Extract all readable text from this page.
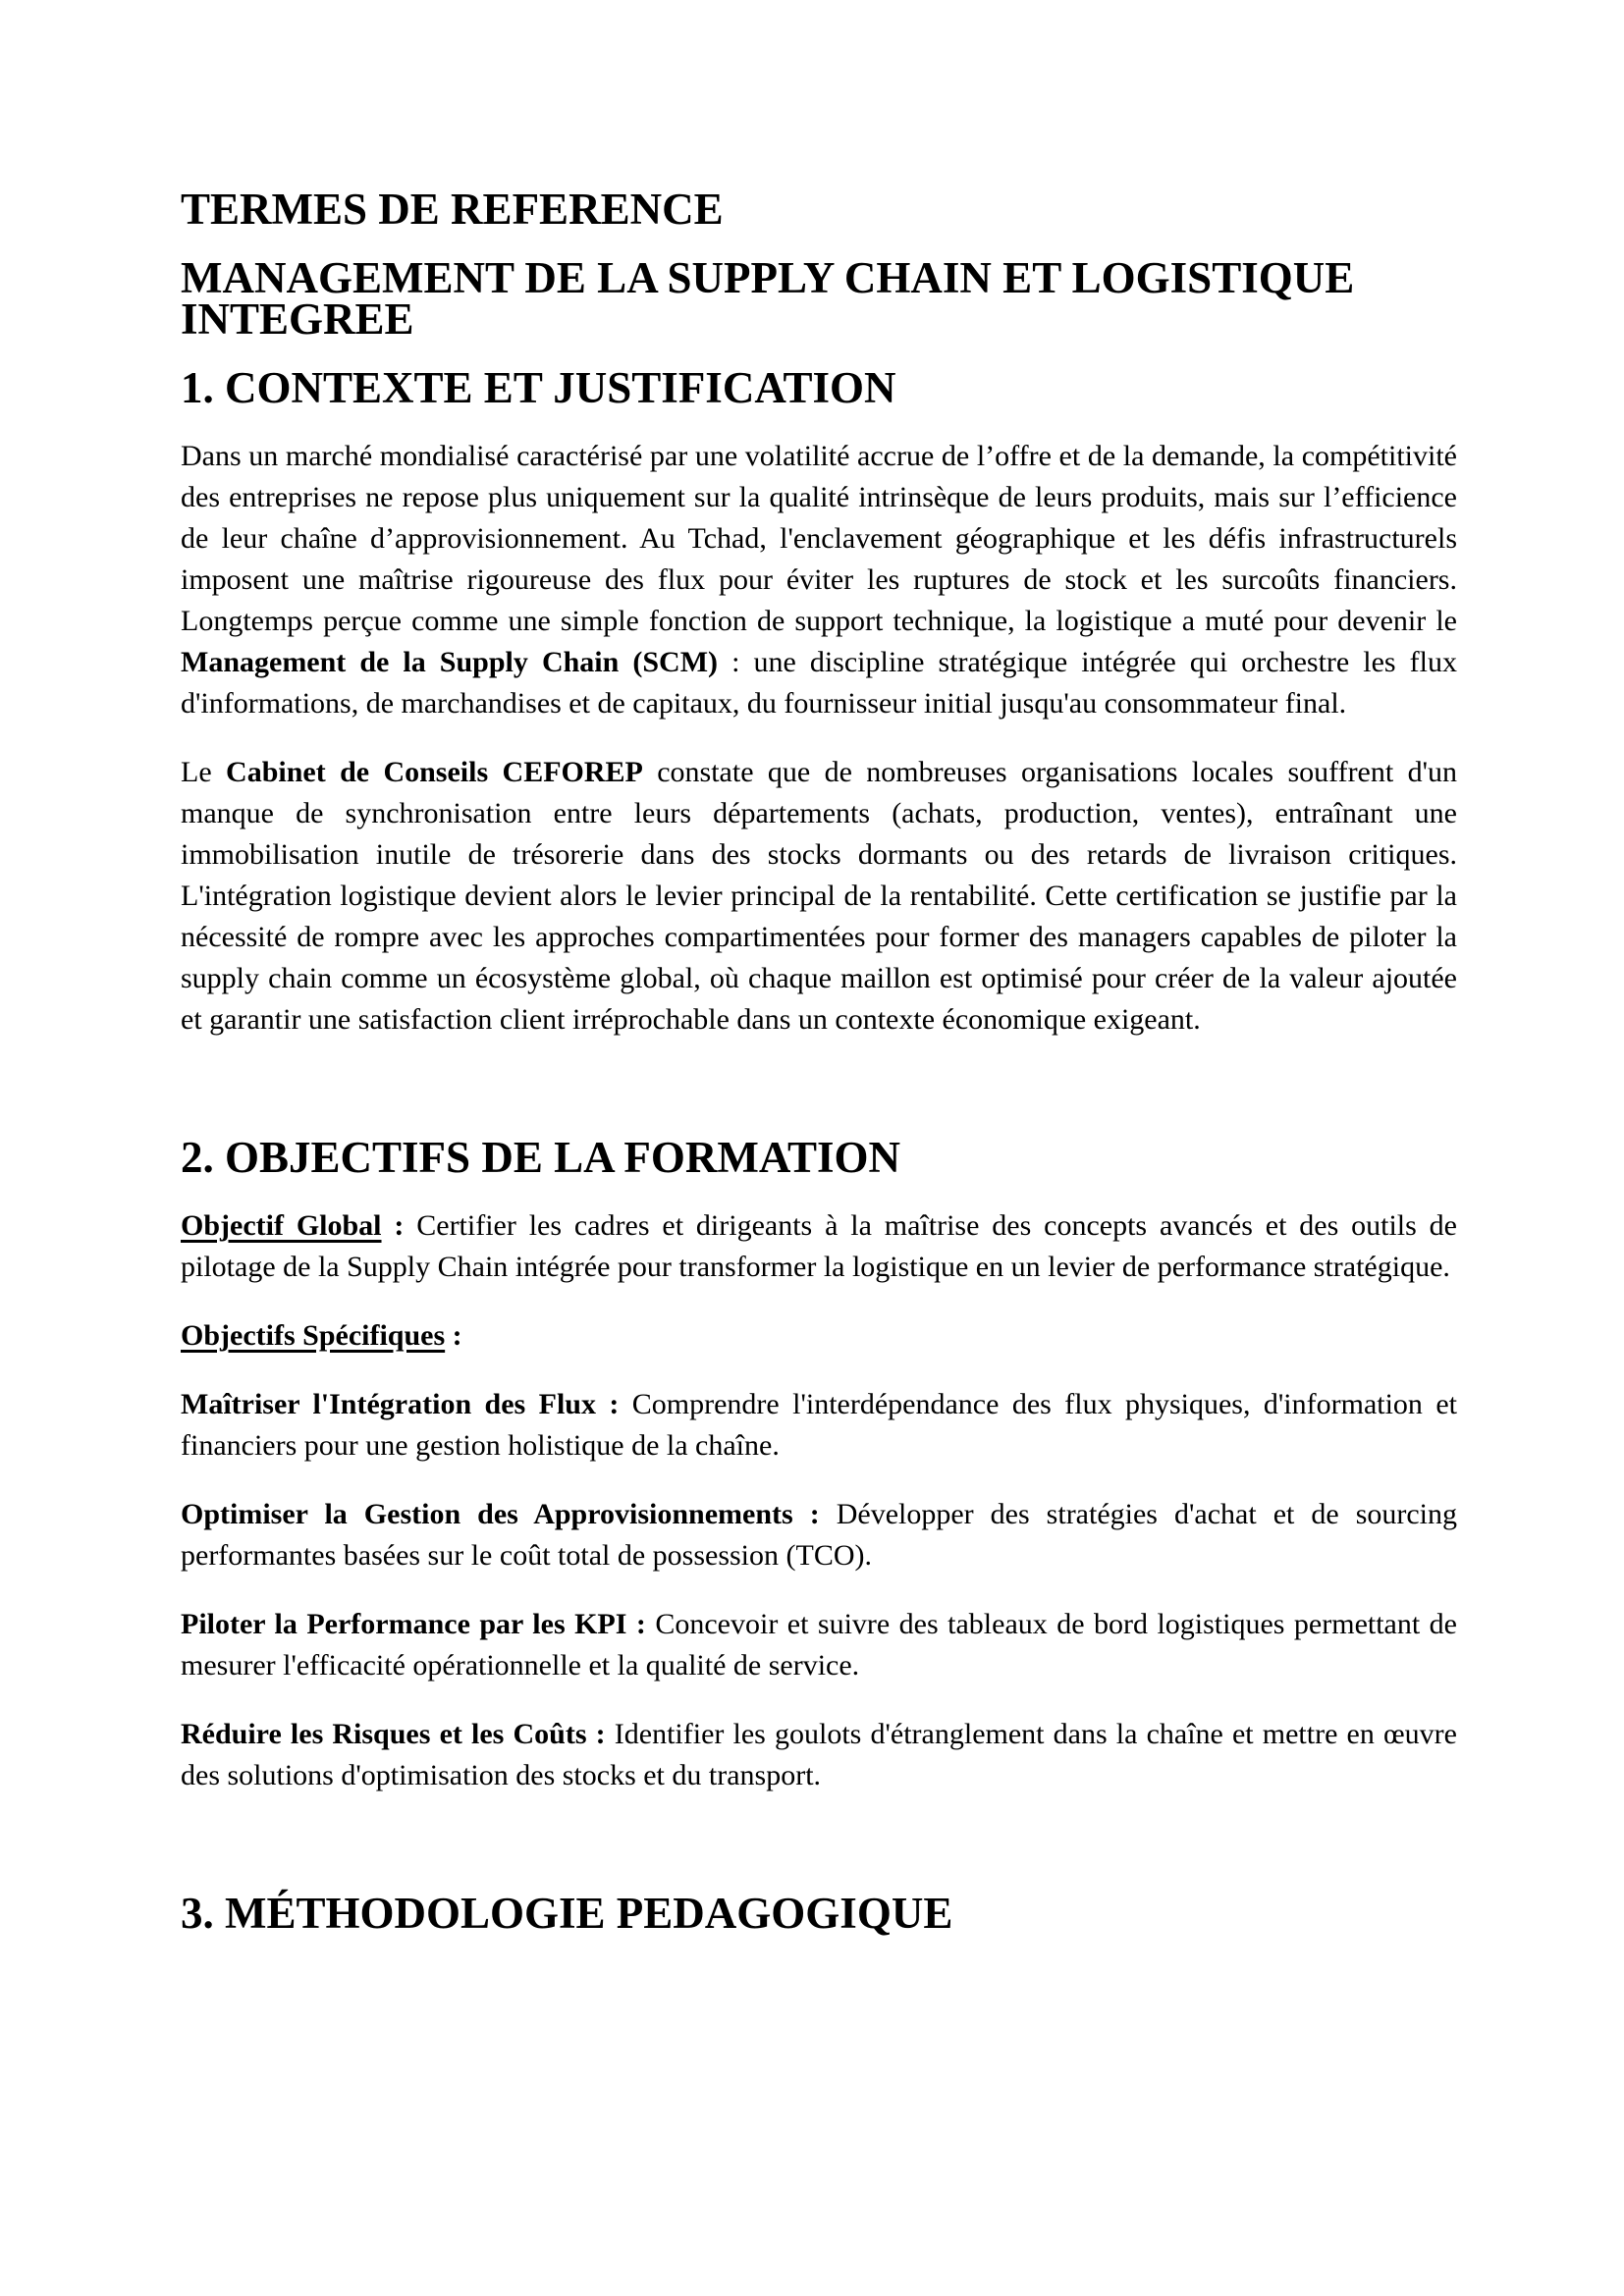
TERMES DE REFERENCE
MANAGEMENT DE LA SUPPLY CHAIN ET LOGISTIQUE INTEGREE
1. CONTEXTE ET JUSTIFICATION

Dans un marché mondialisé caractérisé par une volatilité accrue de l’offre et de la demande, la compétitivité des entreprises ne repose plus uniquement sur la qualité intrinsèque de leurs produits, mais sur l’efficience de leur chaîne d’approvisionnement. Au Tchad, l'enclavement géographique et les défis infrastructurels imposent une maîtrise rigoureuse des flux pour éviter les ruptures de stock et les surcoûts financiers. Longtemps perçue comme une simple fonction de support technique, la logistique a muté pour devenir le Management de la Supply Chain (SCM) : une discipline stratégique intégrée qui orchestre les flux d'informations, de marchandises et de capitaux, du fournisseur initial jusqu'au consommateur final.

Le Cabinet de Conseils CEFOREP constate que de nombreuses organisations locales souffrent d'un manque de synchronisation entre leurs départements (achats, production, ventes), entraînant une immobilisation inutile de trésorerie dans des stocks dormants ou des retards de livraison critiques. L'intégration logistique devient alors le levier principal de la rentabilité. Cette certification se justifie par la nécessité de rompre avec les approches compartimentées pour former des managers capables de piloter la supply chain comme un écosystème global, où chaque maillon est optimisé pour créer de la valeur ajoutée et garantir une satisfaction client irréprochable dans un contexte économique exigeant.

2. OBJECTIFS DE LA FORMATION

Objectif Global : Certifier les cadres et dirigeants à la maîtrise des concepts avancés et des outils de pilotage de la Supply Chain intégrée pour transformer la logistique en un levier de performance stratégique.

Objectifs Spécifiques :

Maîtriser l'Intégration des Flux : Comprendre l'interdépendance des flux physiques, d'information et financiers pour une gestion holistique de la chaîne.

Optimiser la Gestion des Approvisionnements : Développer des stratégies d'achat et de sourcing performantes basées sur le coût total de possession (TCO).

Piloter la Performance par les KPI : Concevoir et suivre des tableaux de bord logistiques permettant de mesurer l'efficacité opérationnelle et la qualité de service.

Réduire les Risques et les Coûts : Identifier les goulots d'étranglement dans la chaîne et mettre en œuvre des solutions d'optimisation des stocks et du transport.

3. MÉTHODOLOGIE PEDAGOGIQUE
